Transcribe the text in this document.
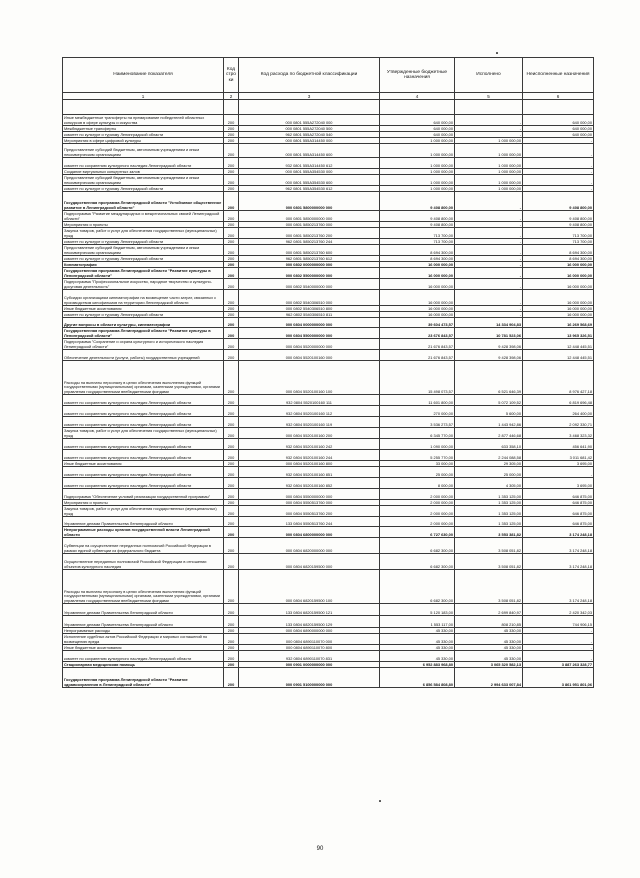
Наименование показателя	Код строки	Код расхода по бюджетной классификации	Утвержденные бюджетные назначения	Исполнено	Неисполненные назначения
1	2	3	4	5	6

Иные межбюджетные трансферты на премирование победителей областных конкурсов в сфере культуры и искусства	200	000 0801 555A272040 000	640 000,00	-	640 000,00
Межбюджетные трансферты	200	000 0801 555A272040 500	640 000,00	-	640 000,00
комитет по культуре и туризму Ленинградской области	200	962 0801 555A272040 540	640 000,00	-	640 000,00
Мероприятия в сфере цифровой культуры	200	000 0801 555A314450 000	1 000 000,00	1 000 000,00	-
Предоставление субсидий бюджетным, автономным учреждениям и иным некоммерческим организациям	200	000 0801 555A314450 600	1 000 000,00	1 000 000,00	-
комитет по сохранению культурного наследия Ленинградской области	200	932 0801 555A314450 612	1 000 000,00	1 000 000,00	-
Создание виртуальных концертных залов	200	000 0801 555A354530 000	1 000 000,00	1 000 000,00	-
Предоставление субсидий бюджетным, автономным учреждениям и иным некоммерческим организациям	200	000 0801 555A354530 600	1 000 000,00	1 000 000,00	-
комитет по культуре и туризму Ленинградской области	200	962 0801 555A354530 612	1 000 000,00	1 000 000,00	-
Государственная программа Ленинградской области "Устойчивое общественное развитие в Ленинградской области"	200	000 0801 5800000000 000	9 408 800,00	-	9 408 800,00
Подпрограмма "Развитие международных и межрегиональных связей Ленинградской области"	200	000 0801 5850000000 000	9 408 800,00	-	9 408 800,00
Мероприятия и проекты	200	000 0801 5850213760 000	9 408 800,00	-	9 408 800,00
Закупка товаров, работ и услуг для обеспечения государственных (муниципальных) нужд	200	000 0801 5850213760 200	713 700,00	-	713 700,00
комитет по культуре и туризму Ленинградской области	200	962 0801 5850213760 244	713 700,00	-	713 700,00
Предоставление субсидий бюджетным, автономным учреждениям и иным некоммерческим организациям	200	000 0801 5850213760 600	8 694 300,00	-	8 694 300,00
комитет по культуре и туризму Ленинградской области	200	962 0801 5850213760 612	8 694 300,00	-	8 694 300,00
Кинематография	200	000 0802 0000000000 000	16 000 000,00	-	16 000 000,00
Государственная программа Ленинградской области "Развитие культуры в Ленинградской области"	200	000 0802 5500000000 000	16 000 000,00	-	16 000 000,00
Подпрограмма "Профессиональное искусство, народное творчество и культурно-досуговая деятельность"	200	000 0802 5540000000 000	16 000 000,00	-	16 000 000,00
Субсидии организациям кинематографии на возмещение части затрат, связанных с производством кинофильмов на территории Ленинградской области	200	000 0802 5540306510 000	16 000 000,00	-	16 000 000,00
Иные бюджетные ассигнования	200	000 0802 5540306510 800	16 000 000,00	-	16 000 000,00
комитет по культуре и туризму Ленинградской области	200	962 0802 5540306510 811	16 000 000,00	-	16 000 000,00
Другие вопросы в области культуры, кинематографии	200	000 0804 0000000000 000	39 604 473,57	14 334 904,83	16 269 568,69
Государственная программа Ленинградской области "Развитие культуры в Ленинградской области"	200	000 0804 5500000000 000	23 676 843,57	10 781 523,06	13 965 326,51
Подпрограмма "Сохранение и охрана культурного и исторического наследия Ленинградской области"	200	000 0804 5520000000 000	21 676 843,57	9 428 398,06	12 448 445,51
Обеспечение деятельности (услуги, работы) государственных учреждений	200	000 0804 5520100160 000	21 676 843,57	9 428 398,06	12 448 445,51
Расходы на выплаты персоналу в целях обеспечения выполнения функций государственными (муниципальными) органами, казенными учреждениями, органами управления государственными внебюджетными фондами	200	000 0804 5520100160 100	15 498 073,57	6 521 646,39	8 976 427,18
комитет по сохранению культурного наследия Ленинградской области	200	932 0804 5520100160 111	11 601 800,00	5 072 109,52	6 819 696,48
комитет по сохранению культурного наследия Ленинградской области	200	932 0804 5520100160 112	270 000,00	5 600,00	264 400,00
комитет по сохранению культурного наследия Ленинградской области	200	932 0804 5520100160 119	3 536 273,57	1 443 942,86	2 092 330,71
Закупка товаров, работ и услуг для обеспечения государственных (муниципальных) нужд	200	000 0804 5520100160 200	6 345 770,00	2 877 446,68	3 468 323,32
комитет по сохранению культурного наследия Ленинградской области	200	932 0804 5520100160 242	1 090 000,00	633 358,10	456 641,90
комитет по сохранению культурного наследия Ленинградской области	200	932 0804 5520100160 244	5 255 770,00	2 244 088,58	3 011 681,42
Иные бюджетные ассигнования	200	000 0804 5520100160 800	33 000,00	29 305,00	3 695,00
комитет по сохранению культурного наследия Ленинградской области	200	932 0804 5520100160 851	25 000,00	25 000,00	-
комитет по сохранению культурного наследия Ленинградской области	200	932 0804 5520100160 852	8 000,00	4 305,00	3 695,00
Подпрограмма "Обеспечение условий реализации государственной программы"	200	000 0804 5550000000 000	2 000 000,00	1 353 125,00	646 875,00
Мероприятия и проекты	200	000 0804 5550513760 000	2 000 000,00	1 353 125,00	646 875,00
Закупка товаров, работ и услуг для обеспечения государственных (муниципальных) нужд	200	000 0804 5550513760 200	2 000 000,00	1 353 125,00	646 875,00
Управление делами Правительства Ленинградской области	200	133 0804 5550513760 244	2 000 000,00	1 353 125,00	646 875,00
Непрограммные расходы органов государственной власти Ленинградской области	200	000 0804 6800000000 000	6 727 630,00	3 553 381,82	3 174 248,18
Субвенции на осуществление переданных полномочий Российской Федерации в рамках единой субвенции из федерального бюджета	200	000 0804 6820000000 000	6 682 300,00	3 508 051,82	3 174 248,18
Осуществление переданных полномочий Российской Федерации в отношении объектов культурного наследия	200	000 0804 6820159500 000	6 682 300,00	3 508 051,82	3 174 248,18
Расходы на выплаты персоналу в целях обеспечения выполнения функций государственными (муниципальными) органами, казенными учреждениями, органами управления государственными внебюджетными фондами	200	000 0804 6820159500 100	6 682 300,00	3 508 051,82	3 174 248,18
Управление делами Правительства Ленинградской области	200	133 0804 6820159500 121	5 120 183,00	2 699 840,97	2 420 342,03
Управление делами Правительства Ленинградской области	200	133 0804 6820159500 129	1 553 117,00	808 210,85	744 906,15
Непрограммные расходы	200	000 0804 6890000000 000	45 330,00	45 330,00	-
Исполнение судебных актов Российской Федерации и мировых соглашений по возмещению вреда	200	000 0804 6890110070 000	45 330,00	45 330,00	-
Иные бюджетные ассигнования	200	000 0804 6890110070 800	45 330,00	45 330,00	-
комитет по сохранению культурного наследия Ленинградской области	200	932 0804 6890110070 831	45 330,00	45 330,00	-
Стационарная медицинская помощь	200	000 0901 0000000000 000	6 952 883 968,80	3 065 320 582,13	3 887 263 328,77
Государственная программа Ленинградской области "Развитие здравоохранения в Ленинградской области"	200	000 0901 5100000000 000	6 856 584 808,80	2 994 633 007,84	3 861 951 801,06
90
